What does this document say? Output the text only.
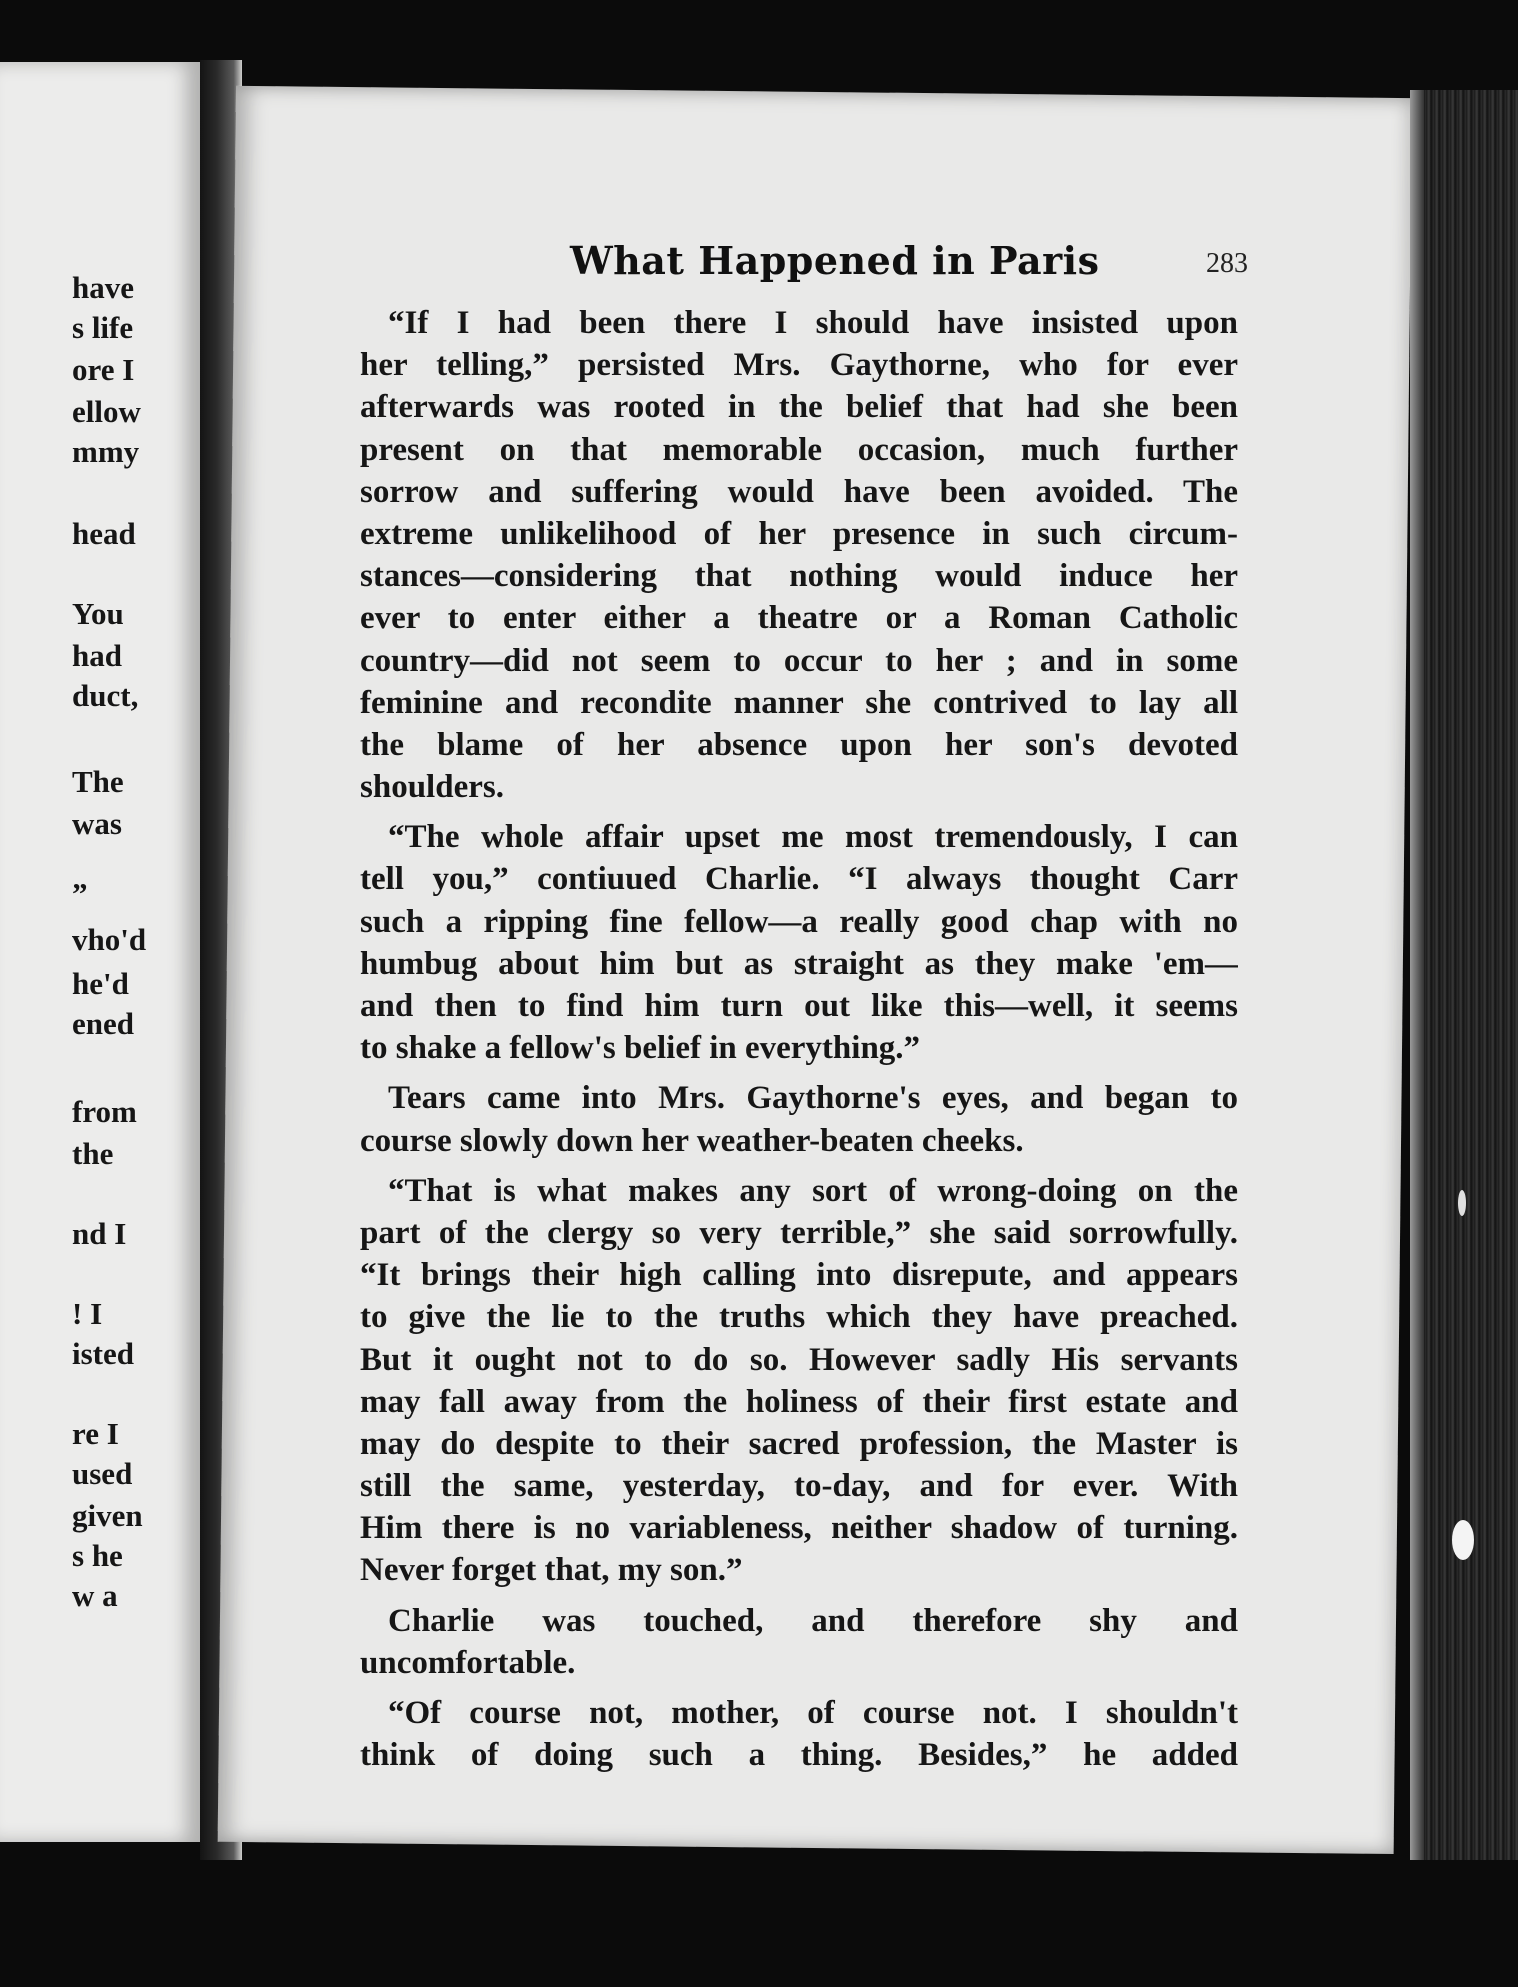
have
s life
ore I
ellow
mmy
head
You
had
duct,
The
was
”
vho'd
he'd
ened
from
the
nd I
! I
isted
re I
used
given
s he
w a
What Happened in Paris	283
“If I had been there I should have insisted upon
her telling,” persisted Mrs. Gaythorne, who for ever
afterwards was rooted in the belief that had she been
present on that memorable occasion, much further
sorrow and suffering would have been avoided. The
extreme unlikelihood of her presence in such circum-
stances—considering that nothing would induce her
ever to enter either a theatre or a Roman Catholic
country—did not seem to occur to her ; and in some
feminine and recondite manner she contrived to lay all
the blame of her absence upon her son's devoted
shoulders.
“The whole affair upset me most tremendously, I can
tell you,” contiuued Charlie. “I always thought Carr
such a ripping fine fellow—a really good chap with no
humbug about him but as straight as they make 'em—
and then to find him turn out like this—well, it seems
to shake a fellow's belief in everything.”
Tears came into Mrs. Gaythorne's eyes, and began to
course slowly down her weather-beaten cheeks.
“That is what makes any sort of wrong-doing on the
part of the clergy so very terrible,” she said sorrowfully.
“It brings their high calling into disrepute, and appears
to give the lie to the truths which they have preached.
But it ought not to do so. However sadly His servants
may fall away from the holiness of their first estate and
may do despite to their sacred profession, the Master is
still the same, yesterday, to-day, and for ever. With
Him there is no variableness, neither shadow of turning.
Never forget that, my son.”
Charlie was touched, and therefore shy and
uncomfortable.
“Of course not, mother, of course not. I shouldn't
think of doing such a thing. Besides,” he added
